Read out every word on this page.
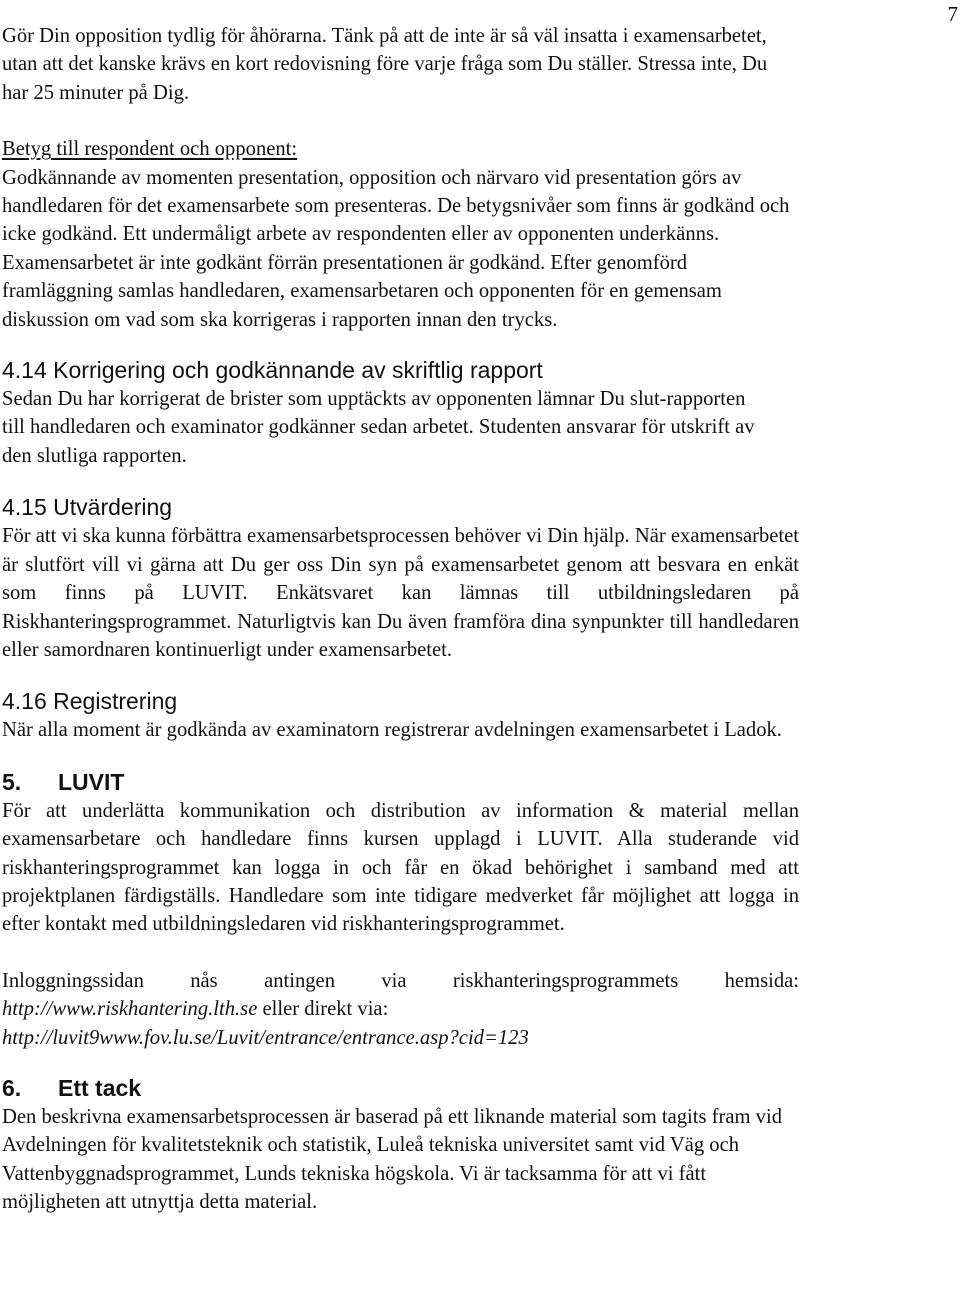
7

Gör Din opposition tydlig för åhörarna. Tänk på att de inte är så väl insatta i examensarbetet, utan att det kanske krävs en kort redovisning före varje fråga som Du ställer. Stressa inte, Du har 25 minuter på Dig.

Betyg till respondent och opponent:

Godkännande av momenten presentation, opposition och närvaro vid presentation görs av handledaren för det examensarbete som presenteras. De betygsnivåer som finns är godkänd och icke godkänd. Ett undermåligt arbete av respondenten eller av opponenten underkänns. Examensarbetet är inte godkänt förrän presentationen är godkänd. Efter genomförd framläggning samlas handledaren, examensarbetaren och opponenten för en gemensam diskussion om vad som ska korrigeras i rapporten innan den trycks.

4.14 Korrigering och godkännande av skriftlig rapport

Sedan Du har korrigerat de brister som upptäckts av opponenten lämnar Du slut-rapporten till handledaren och examinator godkänner sedan arbetet. Studenten ansvarar för utskrift av den slutliga rapporten.

4.15 Utvärdering

För att vi ska kunna förbättra examensarbetsprocessen behöver vi Din hjälp. När examensarbetet är slutfört vill vi gärna att Du ger oss Din syn på examensarbetet genom att besvara en enkät som finns på LUVIT. Enkätsvaret kan lämnas till utbildningsledaren på Riskhanteringsprogrammet. Naturligtvis kan Du även framföra dina synpunkter till handledaren eller samordnaren kontinuerligt under examensarbetet.

4.16 Registrering

När alla moment är godkända av examinatorn registrerar avdelningen examensarbetet i Ladok.

5. LUVIT

För att underlätta kommunikation och distribution av information & material mellan examensarbetare och handledare finns kursen upplagd i LUVIT. Alla studerande vid riskhanteringsprogrammet kan logga in och får en ökad behörighet i samband med att projektplanen färdigställs. Handledare som inte tidigare medverket får möjlighet att logga in efter kontakt med utbildningsledaren vid riskhanteringsprogrammet.

Inloggningssidan nås antingen via riskhanteringsprogrammets hemsida:
http://www.riskhantering.lth.se eller direkt via:
http://luvit9www.fov.lu.se/Luvit/entrance/entrance.asp?cid=123

6. Ett tack

Den beskrivna examensarbetsprocessen är baserad på ett liknande material som tagits fram vid Avdelningen för kvalitetsteknik och statistik, Luleå tekniska universitet samt vid Väg och Vattenbyggnadsprogrammet, Lunds tekniska högskola. Vi är tacksamma för att vi fått möjligheten att utnyttja detta material.
